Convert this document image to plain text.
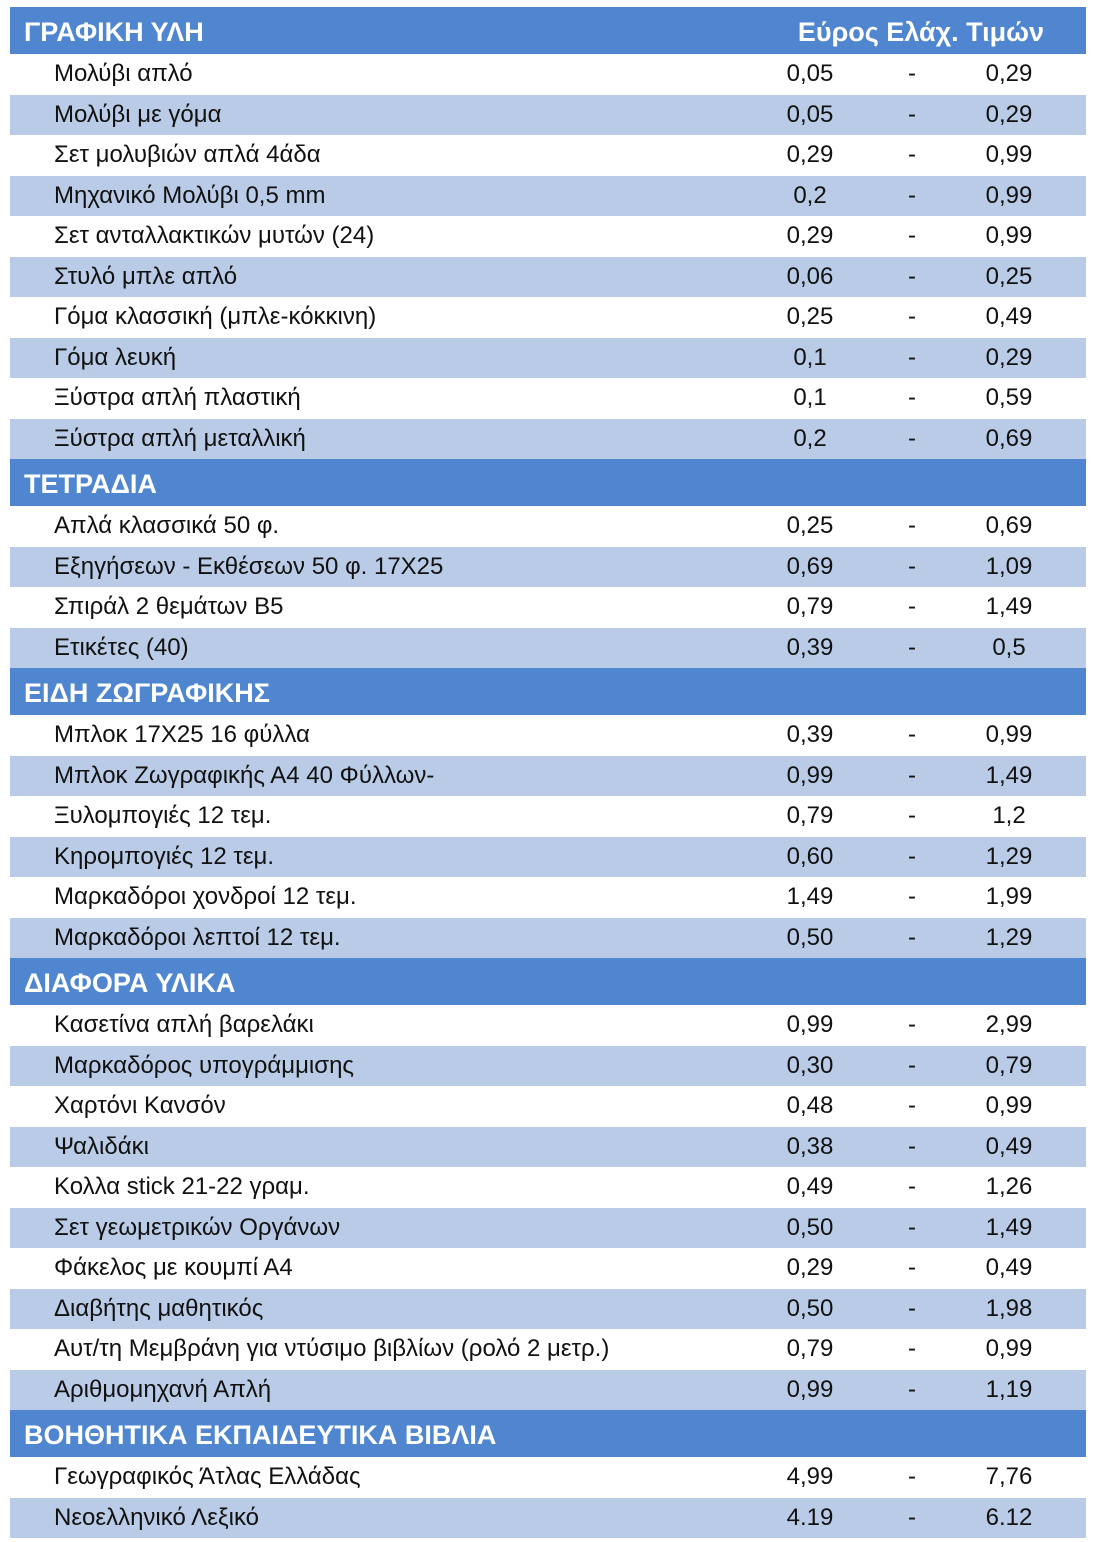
ΓΡΑΦΙΚΗ ΥΛΗ	Εύρος Ελάχ. Τιμών
Μολύβι απλό	0,05	-	0,29
Μολύβι με γόμα	0,05	-	0,29
Σετ μολυβιών απλά 4άδα	0,29	-	0,99
Μηχανικό Μολύβι 0,5 mm	0,2	-	0,99
Σετ ανταλλακτικών μυτών (24)	0,29	-	0,99
Στυλό μπλε απλό	0,06	-	0,25
Γόμα κλασσική (μπλε-κόκκινη)	0,25	-	0,49
Γόμα λευκή	0,1	-	0,29
Ξύστρα απλή πλαστική	0,1	-	0,59
Ξύστρα απλή μεταλλική	0,2	-	0,69
ΤΕΤΡΑΔΙΑ
Απλά κλασσικά 50 φ.	0,25	-	0,69
Εξηγήσεων - Εκθέσεων 50 φ. 17Χ25	0,69	-	1,09
Σπιράλ 2 θεμάτων Β5	0,79	-	1,49
Ετικέτες (40)	0,39	-	0,5
ΕΙΔΗ ΖΩΓΡΑΦΙΚΗΣ
Μπλοκ 17Χ25 16 φύλλα	0,39	-	0,99
Μπλοκ Ζωγραφικής Α4 40 Φύλλων-	0,99	-	1,49
Ξυλομπογιές 12 τεμ.	0,79	-	1,2
Κηρομπογιές 12 τεμ.	0,60	-	1,29
Μαρκαδόροι χονδροί 12 τεμ.	1,49	-	1,99
Μαρκαδόροι λεπτοί 12 τεμ.	0,50	-	1,29
ΔΙΑΦΟΡΑ ΥΛΙΚΑ
Κασετίνα απλή βαρελάκι	0,99	-	2,99
Μαρκαδόρος υπογράμμισης	0,30	-	0,79
Χαρτόνι Κανσόν	0,48	-	0,99
Ψαλιδάκι	0,38	-	0,49
Κολλα stick 21-22 γραμ.	0,49	-	1,26
Σετ γεωμετρικών Οργάνων	0,50	-	1,49
Φάκελος με κουμπί Α4	0,29	-	0,49
Διαβήτης μαθητικός	0,50	-	1,98
Αυτ/τη Μεμβράνη για ντύσιμο βιβλίων (ρολό 2 μετρ.)	0,79	-	0,99
Αριθμομηχανή Απλή	0,99	-	1,19
ΒΟΗΘΗΤΙΚΑ ΕΚΠΑΙΔΕΥΤΙΚΑ ΒΙΒΛΙΑ
Γεωγραφικός Άτλας Ελλάδας	4,99	-	7,76
Νεοελληνικό Λεξικό	4.19	-	6.12
